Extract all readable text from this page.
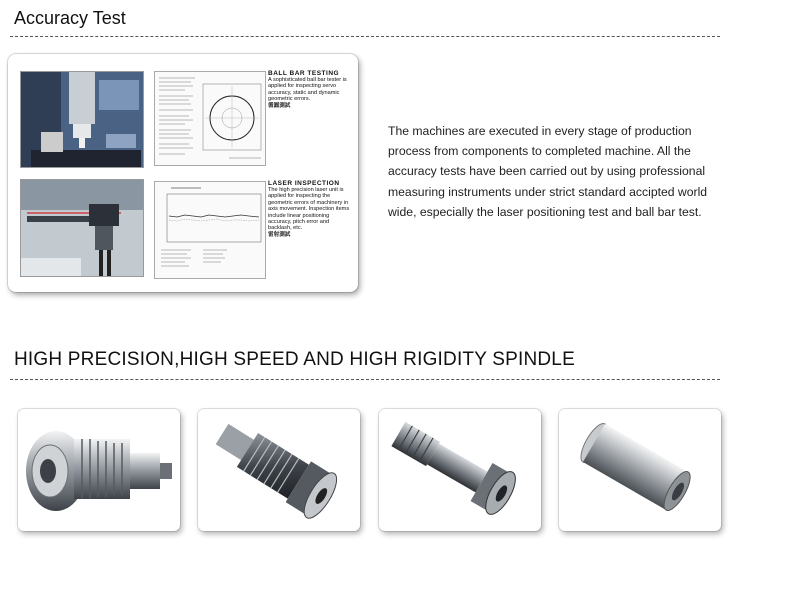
Accuracy Test
BALL BAR TESTING
A sophisticated ball bar tester is applied for inspecting servo accuracy, static and dynamic geometric errors.
循圓測試
LASER INSPECTION
The high precision laser unit is applied for inspecting the geometric errors of machinery in axis movement. Inspection items include linear positioning accuracy, pitch error and backlash, etc.
雷射測試
The machines are executed in every stage of production process from components to completed machine. All the accuracy tests have been carried out by using professional measuring instruments under strict standard accipted world wide, especially the laser positioning test and ball bar test.
HIGH PRECISION,HIGH SPEED AND HIGH RIGIDITY SPINDLE
